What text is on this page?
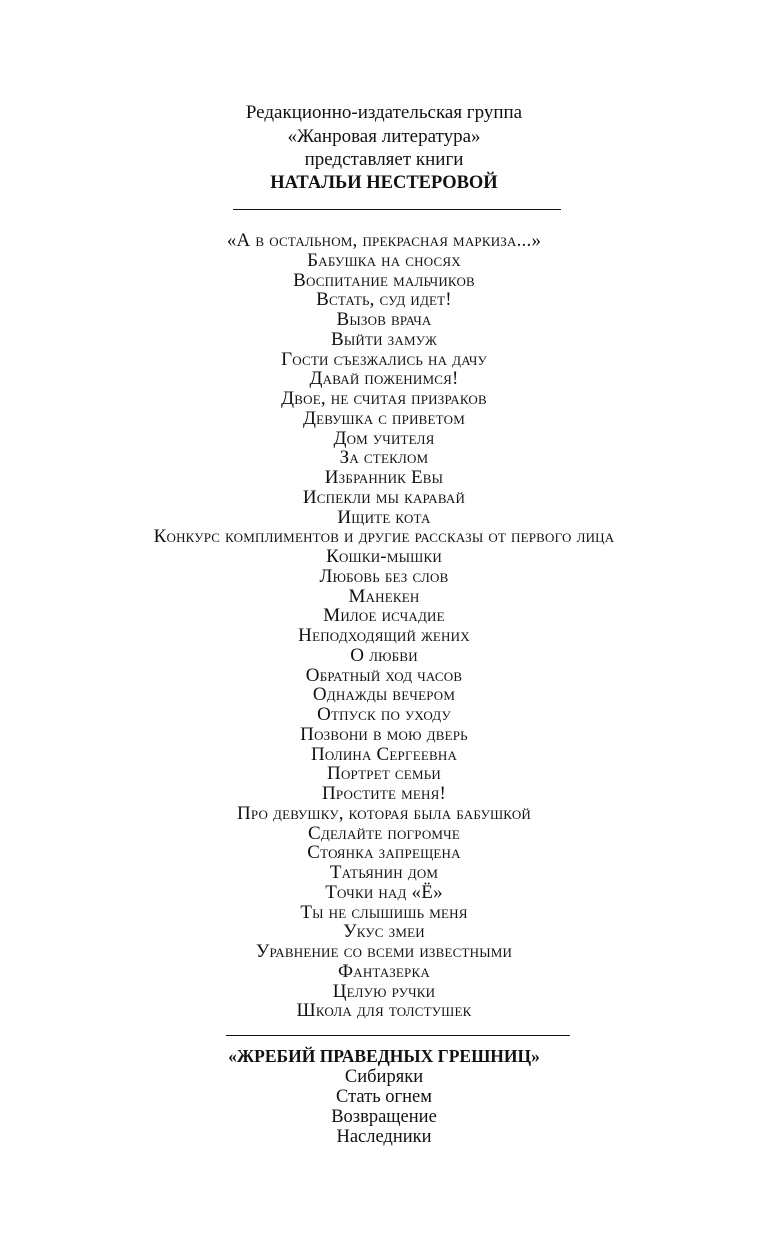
Редакционно-издательская группа
«Жанровая литература»
представляет книги
НАТАЛЬИ НЕСТЕРОВОЙ
«А в остальном, прекрасная маркиза...»
Бабушка на сносях
Воспитание мальчиков
Встать, суд идет!
Вызов врача
Выйти замуж
Гости съезжались на дачу
Давай поженимся!
Двое, не считая призраков
Девушка с приветом
Дом учителя
За стеклом
Избранник Евы
Испекли мы каравай
Ищите кота
Конкурс комплиментов и другие рассказы от первого лица
Кошки-мышки
Любовь без слов
Манекен
Милое исчадие
Неподходящий жених
О любви
Обратный ход часов
Однажды вечером
Отпуск по уходу
Позвони в мою дверь
Полина Сергеевна
Портрет семьи
Простите меня!
Про девушку, которая была бабушкой
Сделайте погромче
Стоянка запрещена
Татьянин дом
Точки над «Ё»
Ты не слышишь меня
Укус змеи
Уравнение со всеми известными
Фантазерка
Целую ручки
Школа для толстушек
«ЖРЕБИЙ ПРАВЕДНЫХ ГРЕШНИЦ»
Сибиряки
Стать огнем
Возвращение
Наследники
